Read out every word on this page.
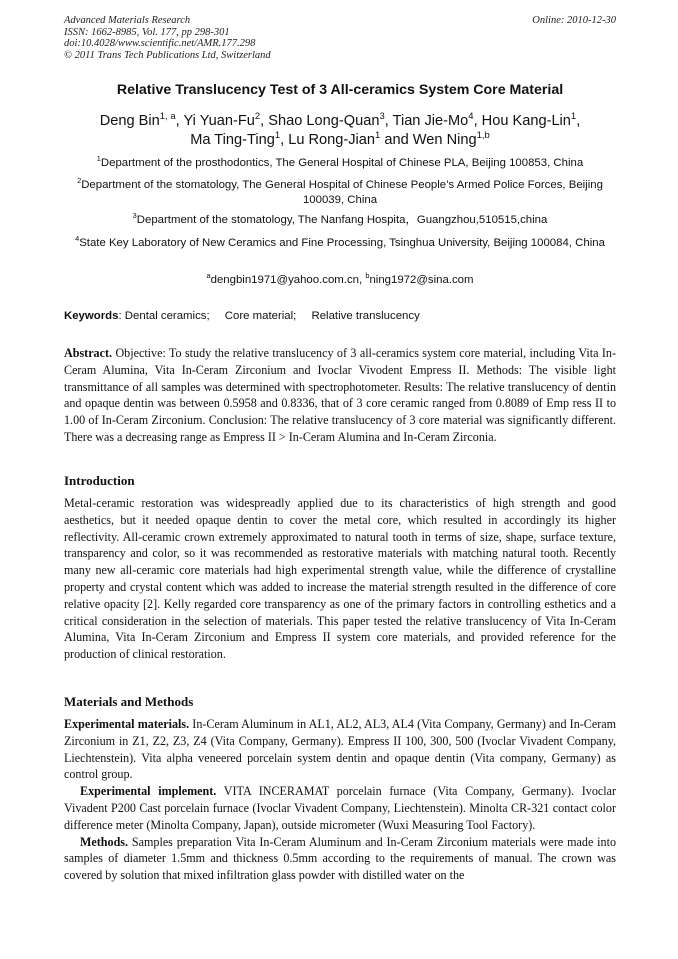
Advanced Materials Research
ISSN: 1662-8985, Vol. 177, pp 298-301
doi:10.4028/www.scientific.net/AMR.177.298
© 2011 Trans Tech Publications Ltd, Switzerland
Online: 2010-12-30
Relative Translucency Test of 3 All-ceramics System Core Material
Deng Bin$^{1, a}$, Yi Yuan-Fu$^2$, Shao Long-Quan$^3$, Tian Jie-Mo$^4$, Hou Kang-Lin$^1$,
Ma Ting-Ting$^1$, Lu Rong-Jian$^1$ and Wen Ning$^{1,b}$
$^1$Department of the prosthodontics, The General Hospital of Chinese PLA, Beijing 100853, China
$^2$Department of the stomatology, The General Hospital of Chinese People’s Armed Police Forces, Beijing 100039, China
$^3$Department of the stomatology, The Nanfang Hospita，Guangzhou,510515,china
$^4$State Key Laboratory of New Ceramics and Fine Processing, Tsinghua University, Beijing 100084, China
$^a$dengbin1971@yahoo.com.cn, $^b$ning1972@sina.com
Keywords: Dental ceramics; Core material; Relative translucency
Abstract. Objective: To study the relative translucency of 3 all-ceramics system core material, including Vita In-Ceram Alumina, Vita In-Ceram Zirconium and Ivoclar Vivodent Empress II. Methods: The visible light transmittance of all samples was determined with spectrophotometer. Results: The relative translucency of dentin and opaque dentin was between 0.5958 and 0.8336, that of 3 core ceramic ranged from 0.8089 of Emp ress II to 1.00 of In-Ceram Zirconium. Conclusion: The relative translucency of 3 core material was significantly different. There was a decreasing range as Empress II > In-Ceram Alumina and In-Ceram Zirconia.
Introduction
Metal-ceramic restoration was widespreadly applied due to its characteristics of high strength and good aesthetics, but it needed opaque dentin to cover the metal core, which resulted in accordingly its higher reflectivity. All-ceramic crown extremely approximated to natural tooth in terms of size, shape, surface texture, transparency and color, so it was recommended as restorative materials with matching natural tooth. Recently many new all-ceramic core materials had high experimental strength value, while the difference of crystalline property and crystal content which was added to increase the material strength resulted in the difference of core relative opacity [2]. Kelly regarded core transparency as one of the primary factors in controlling esthetics and a critical consideration in the selection of materials. This paper tested the relative translucency of Vita In-Ceram Alumina, Vita In-Ceram Zirconium and Empress II system core materials, and provided reference for the production of clinical restoration.
Materials and Methods
Experimental materials. In-Ceram Aluminum in AL1, AL2, AL3, AL4 (Vita Company, Germany) and In-Ceram Zirconium in Z1, Z2, Z3, Z4 (Vita Company, Germany). Empress II 100, 300, 500 (Ivoclar Vivadent Company, Liechtenstein). Vita alpha veneered porcelain system dentin and opaque dentin (Vita company, Germany) as control group.
Experimental implement. VITA INCERAMAT porcelain furnace (Vita Company, Germany). Ivoclar Vivadent P200 Cast porcelain furnace (Ivoclar Vivadent Company, Liechtenstein). Minolta CR-321 contact color difference meter (Minolta Company, Japan), outside micrometer (Wuxi Measuring Tool Factory).
Methods. Samples preparation Vita In-Ceram Aluminum and In-Ceram Zirconium materials were made into samples of diameter 1.5mm and thickness 0.5mm according to the requirements of manual. The crown was covered by solution that mixed infiltration glass powder with distilled water on the
